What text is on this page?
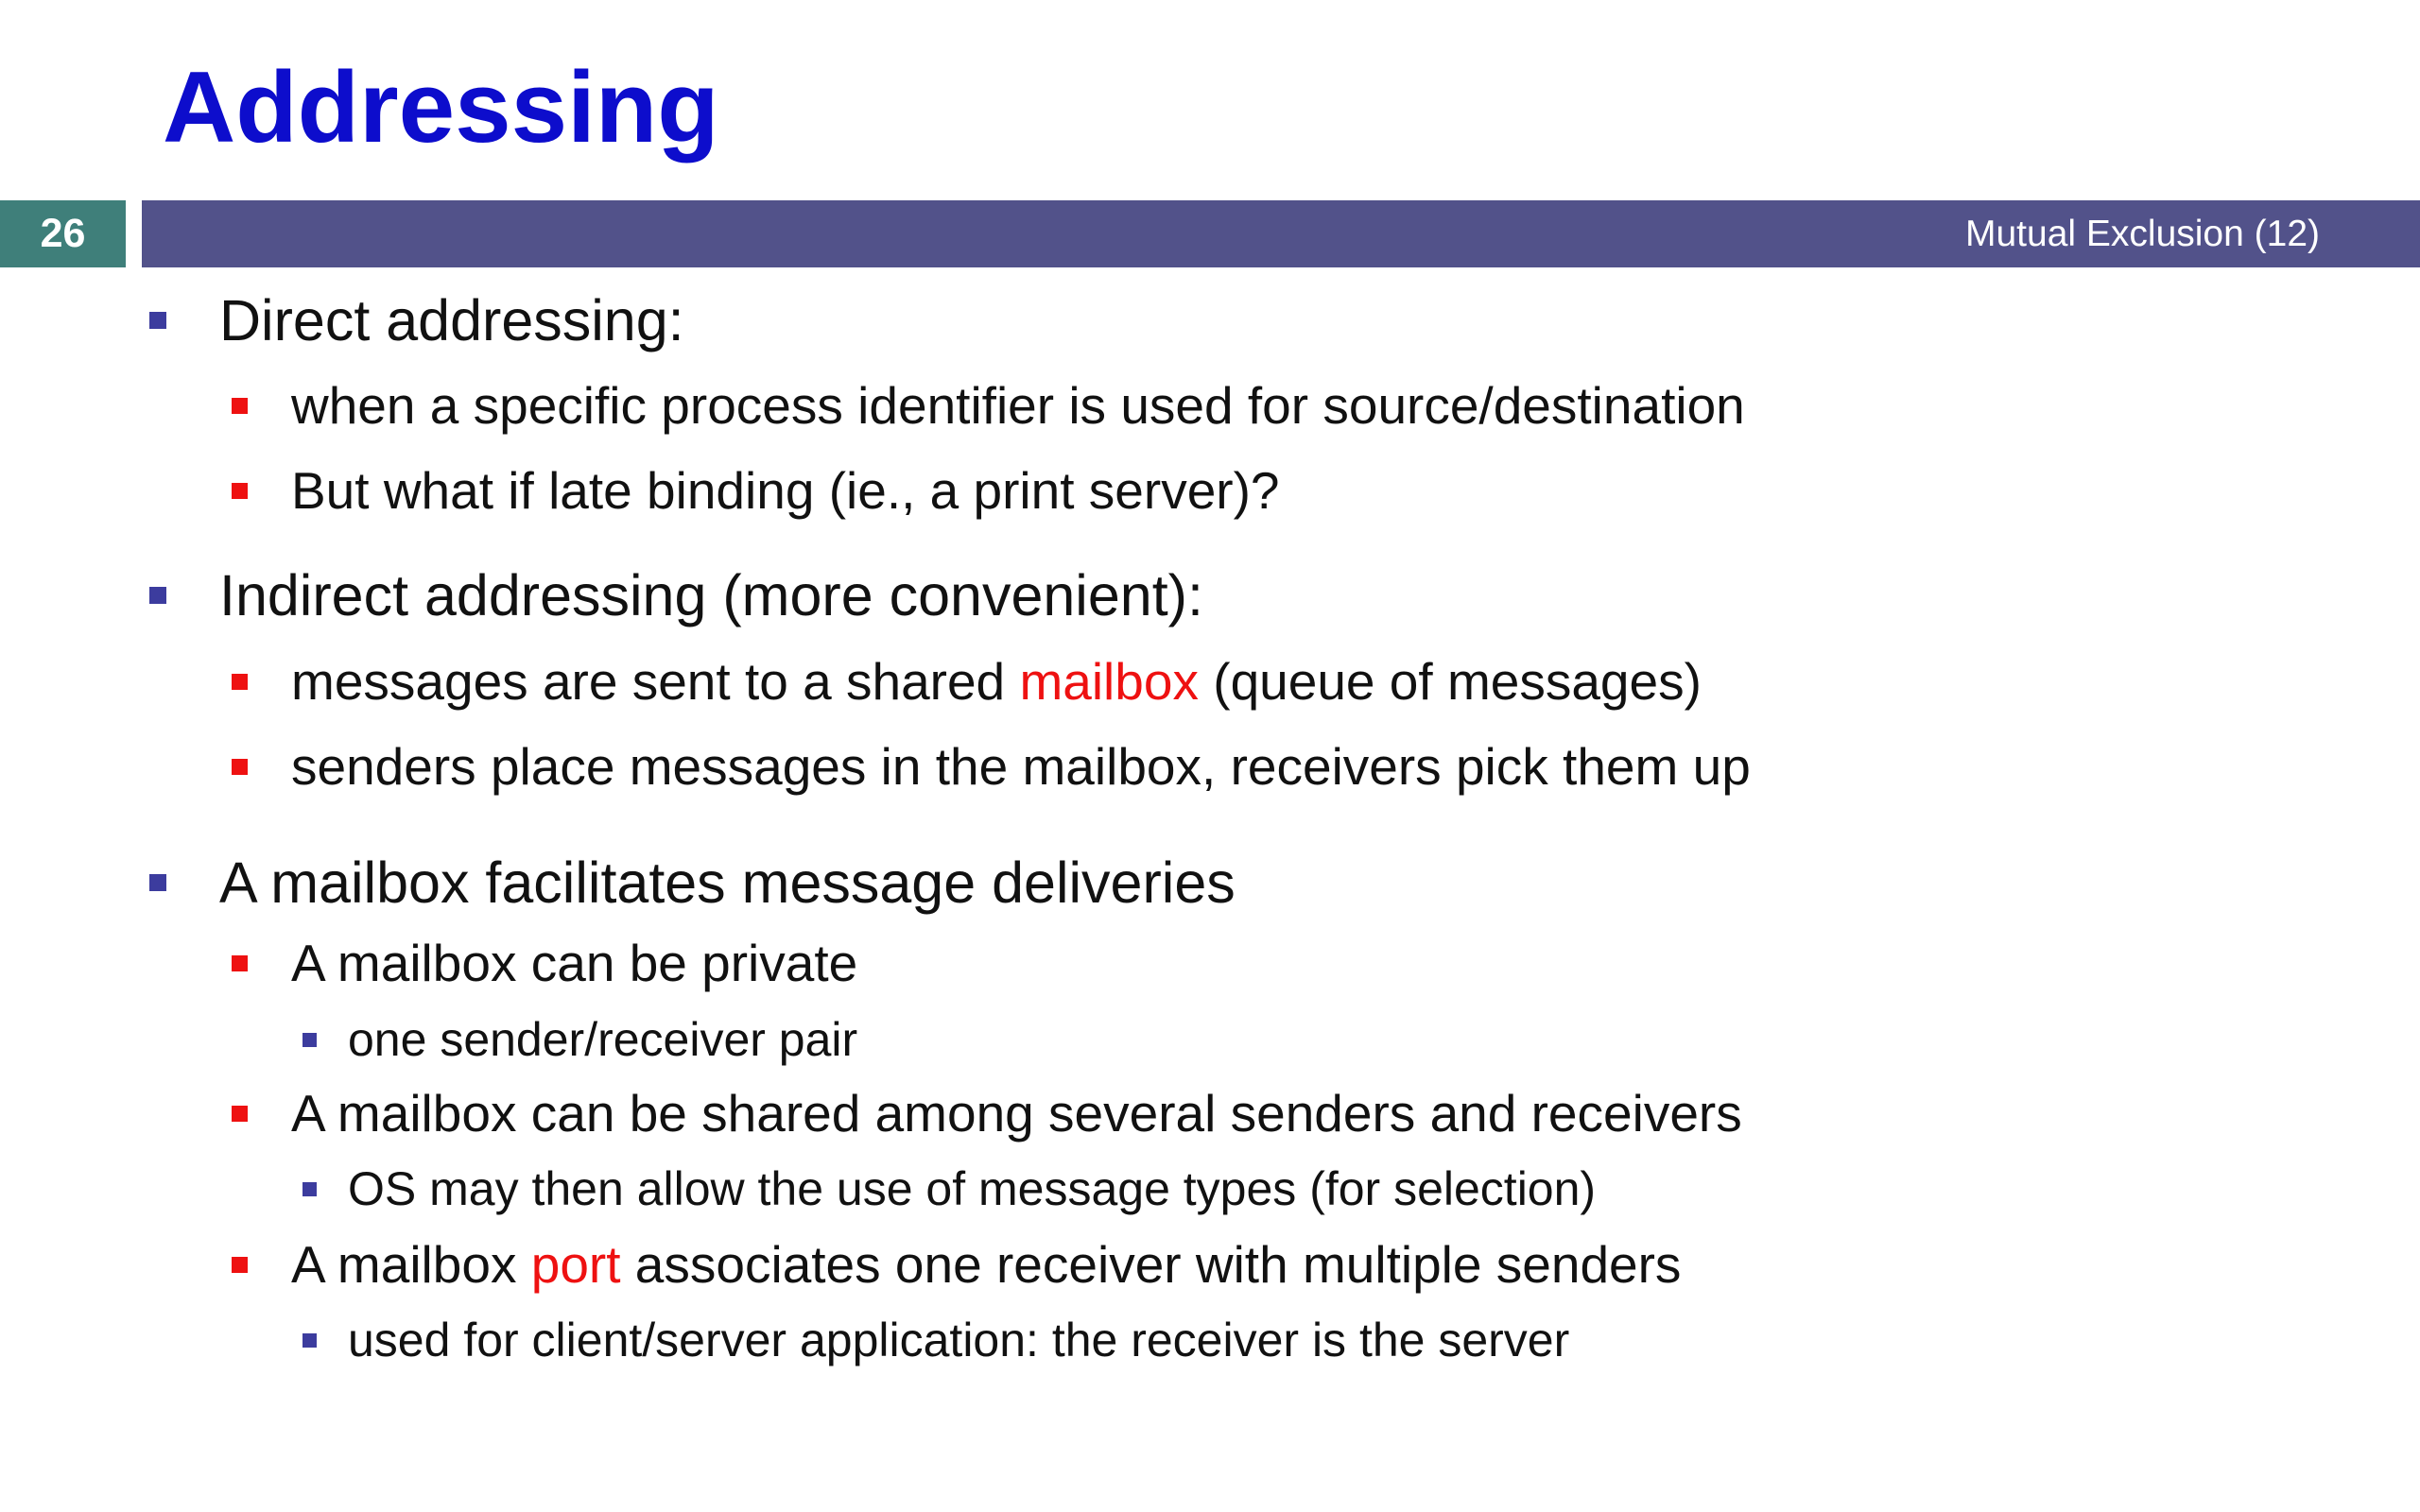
Addressing
26	Mutual Exclusion (12)
Direct addressing:
when a specific process identifier is used for source/destination
But what if late binding (ie., a print server)?
Indirect addressing (more convenient):
messages are sent to a shared mailbox (queue of messages)
senders place messages in the mailbox, receivers pick them up
A mailbox facilitates message deliveries
A mailbox can be private
one sender/receiver pair
A mailbox can be shared among several senders and receivers
OS may then allow the use of message types (for selection)
A mailbox port associates one receiver with multiple senders
used for client/server application: the receiver is the server
